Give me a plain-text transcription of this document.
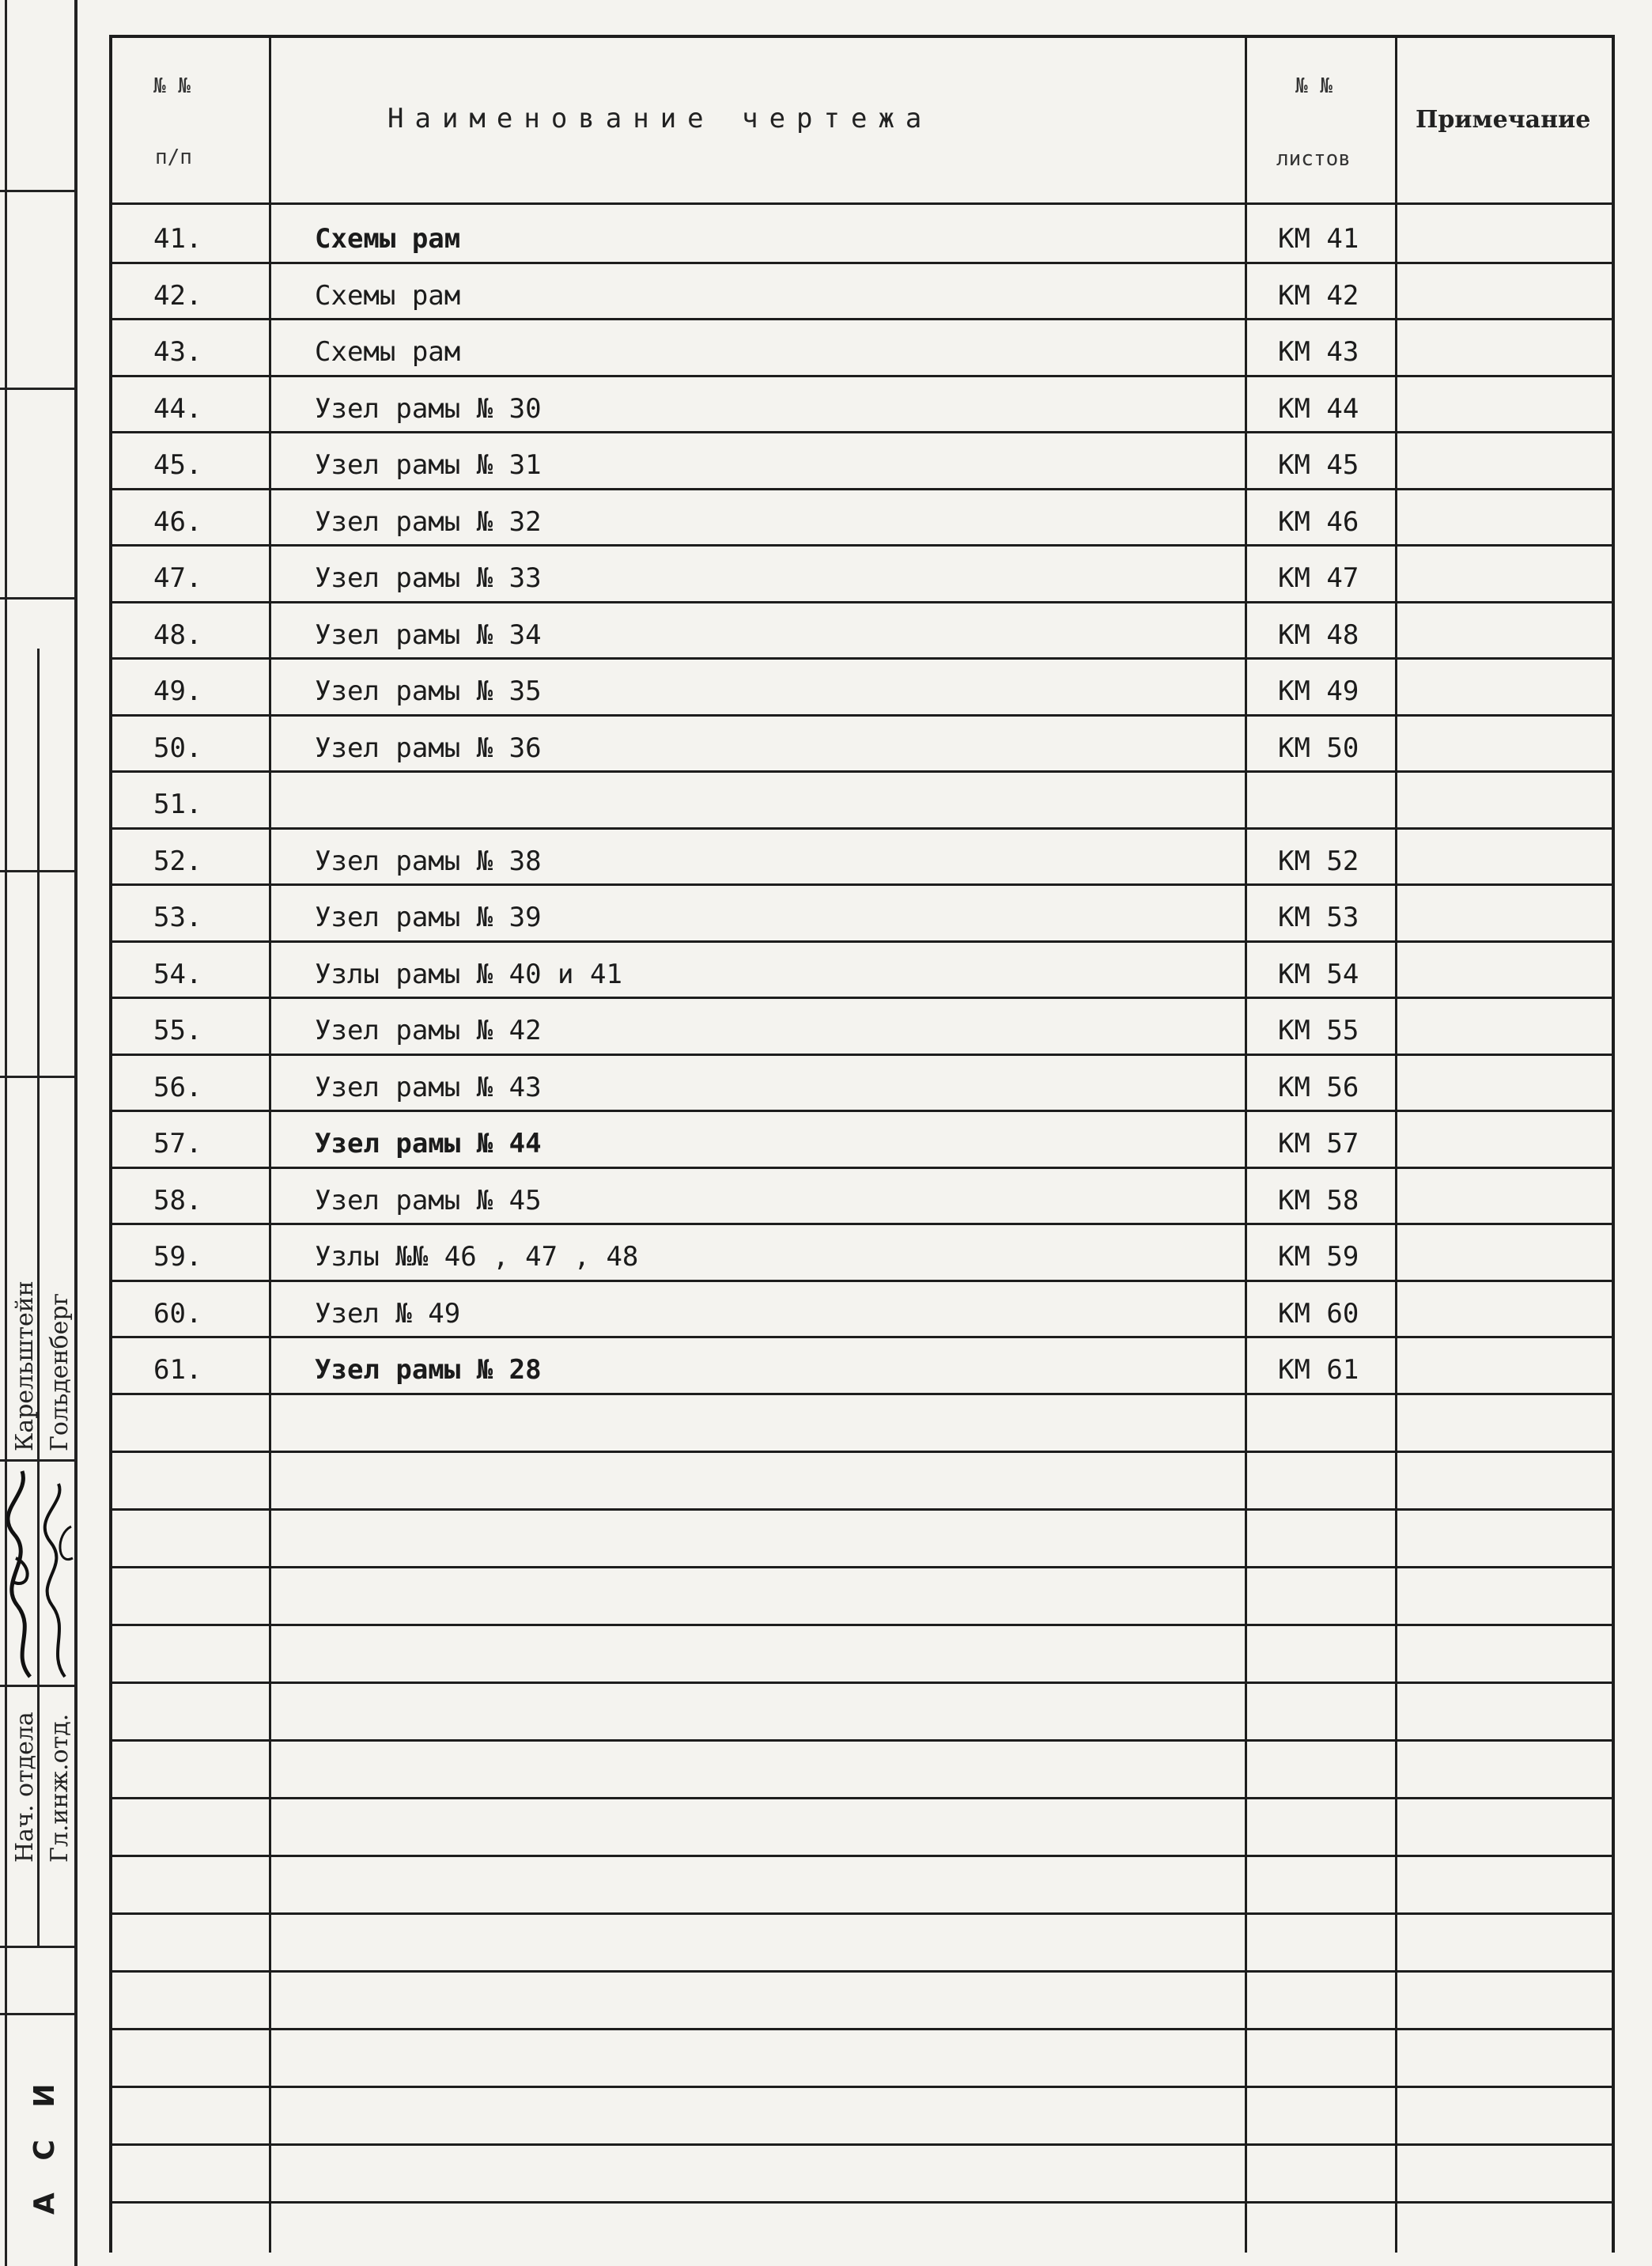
Нач. отдела
Карельштейн
Гл.инж.отд.
Гольденберг
А С И
№ №
п/п
Наименование чертежа
№ №
листов
Примечание
41.	Схемы рам	КМ 41
42.	Схемы рам	КМ 42
43.	Схемы рам	КМ 43
44.	Узел рамы № 30	КМ 44
45.	Узел рамы № 31	КМ 45
46.	Узел рамы № 32	КМ 46
47.	Узел рамы № 33	КМ 47
48.	Узел рамы № 34	КМ 48
49.	Узел рамы № 35	КМ 49
50.	Узел рамы № 36	КМ 50
51.
52.	Узел рамы № 38	КМ 52
53.	Узел рамы № 39	КМ 53
54.	Узлы рамы № 40 и 41	КМ 54
55.	Узел рамы № 42	КМ 55
56.	Узел рамы № 43	КМ 56
57.	Узел рамы № 44	КМ 57
58.	Узел рамы № 45	КМ 58
59.	Узлы №№ 46 , 47 , 48	КМ 59
60.	Узел № 49	КМ 60
61.	Узел рамы № 28	КМ 61
